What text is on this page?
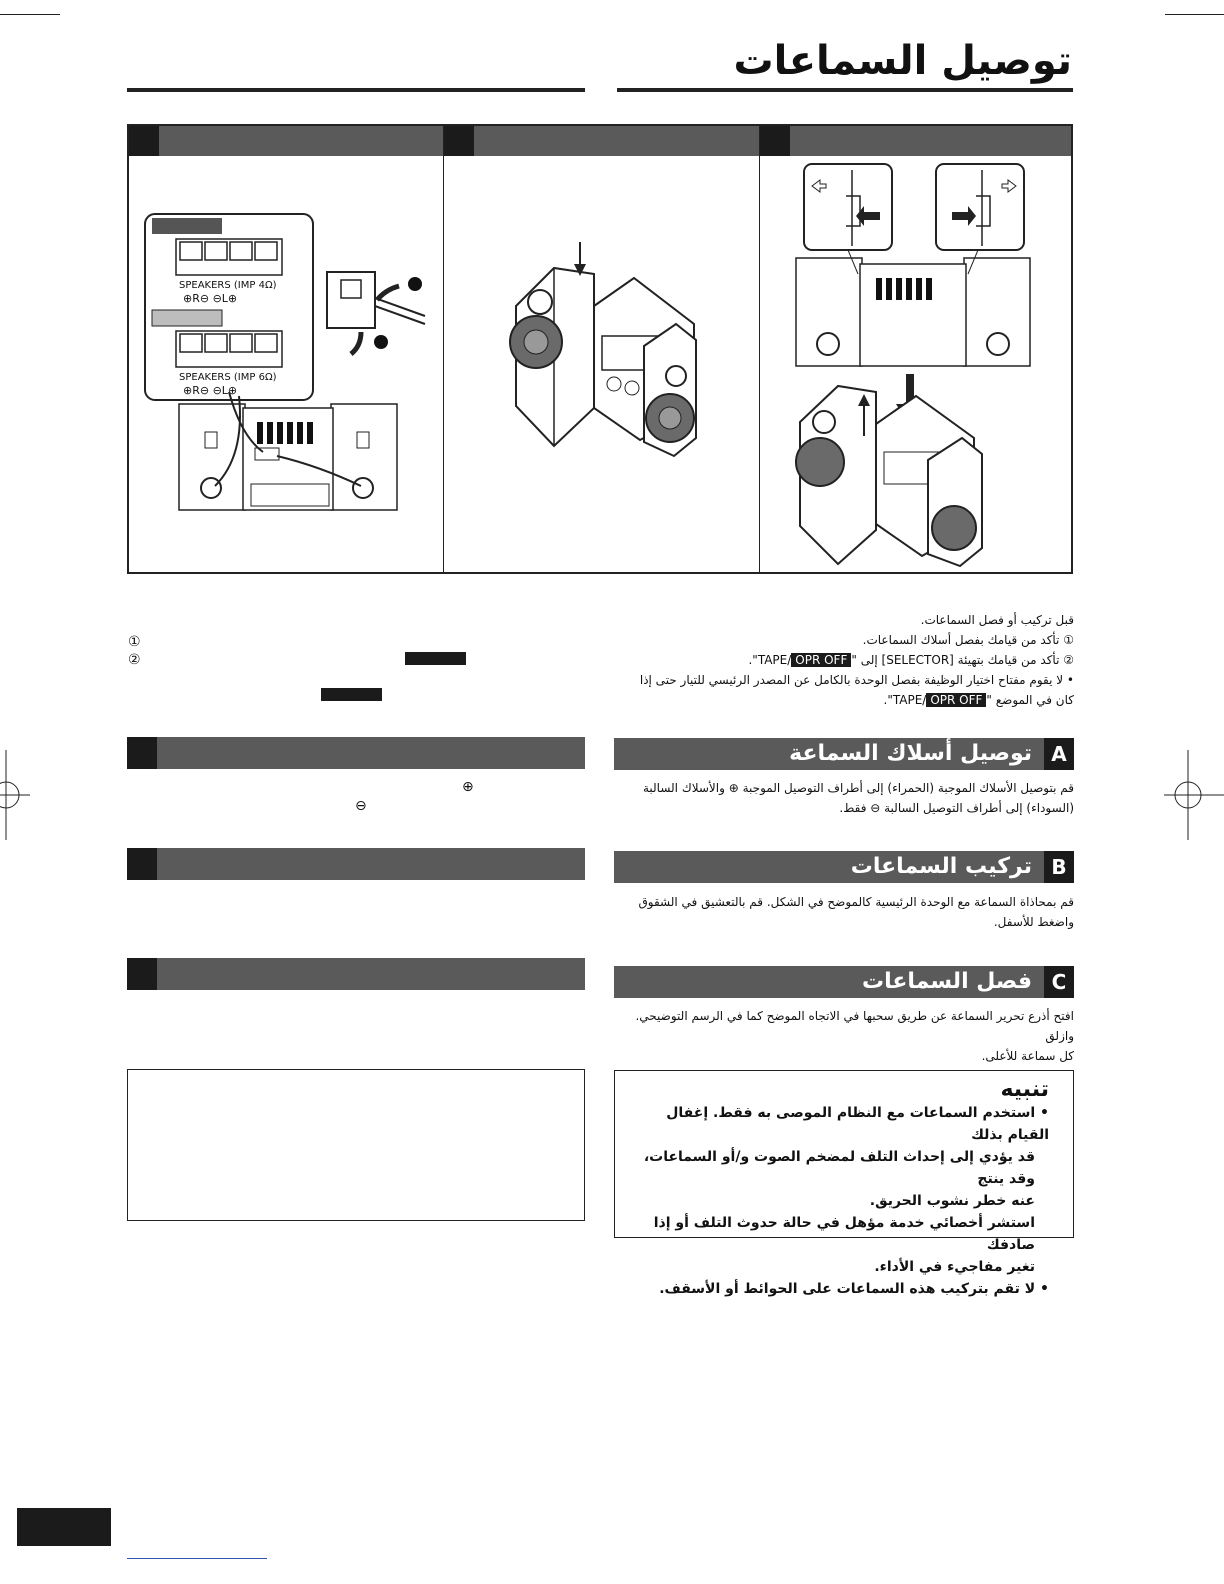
توصيل السماعات
SPEAKERS (IMP 4Ω)
⊕R⊖ ⊖L⊕
SPEAKERS (IMP 6Ω)
⊕R⊖ ⊖L⊕
قبل تركيب أو فصل السماعات.
① تأكد من قيامك بفصل أسلاك السماعات.
② تأكد من قيامك بتهيئة [SELECTOR] إلى "TAPE/ OPR OFF".
• لا يقوم مفتاح اختيار الوظيفة بفصل الوحدة بالكامل عن المصدر الرئيسي للتيار حتى إذا
كان في الموضع "TAPE/ OPR OFF".
①
②
⊕
⊖
توصيل أسلاك السماعة A
قم بتوصيل الأسلاك الموجبة (الحمراء) إلى أطراف التوصيل الموجبة ⊕ والأسلاك السالبة
(السوداء) إلى أطراف التوصيل السالبة ⊖ فقط.
تركيب السماعات B
قم بمحاذاة السماعة مع الوحدة الرئيسية كالموضح في الشكل. قم بالتعشيق في الشقوق
واضغط للأسفل.
فصل السماعات C
افتح أذرع تحرير السماعة عن طريق سحبها في الاتجاه الموضح كما في الرسم التوضيحي. وازلق
كل سماعة للأعلى.
تنبيه
• استخدم السماعات مع النظام الموصى به فقط. إغفال القيام بذلك
قد يؤدي إلى إحداث التلف لمضخم الصوت و/أو السماعات، وقد ينتج
عنه خطر نشوب الحريق.
استشر أخصائي خدمة مؤهل في حالة حدوث التلف أو إذا صادفك
تغير مفاجيء في الأداء.
• لا تقم بتركيب هذه السماعات على الحوائط أو الأسقف.
